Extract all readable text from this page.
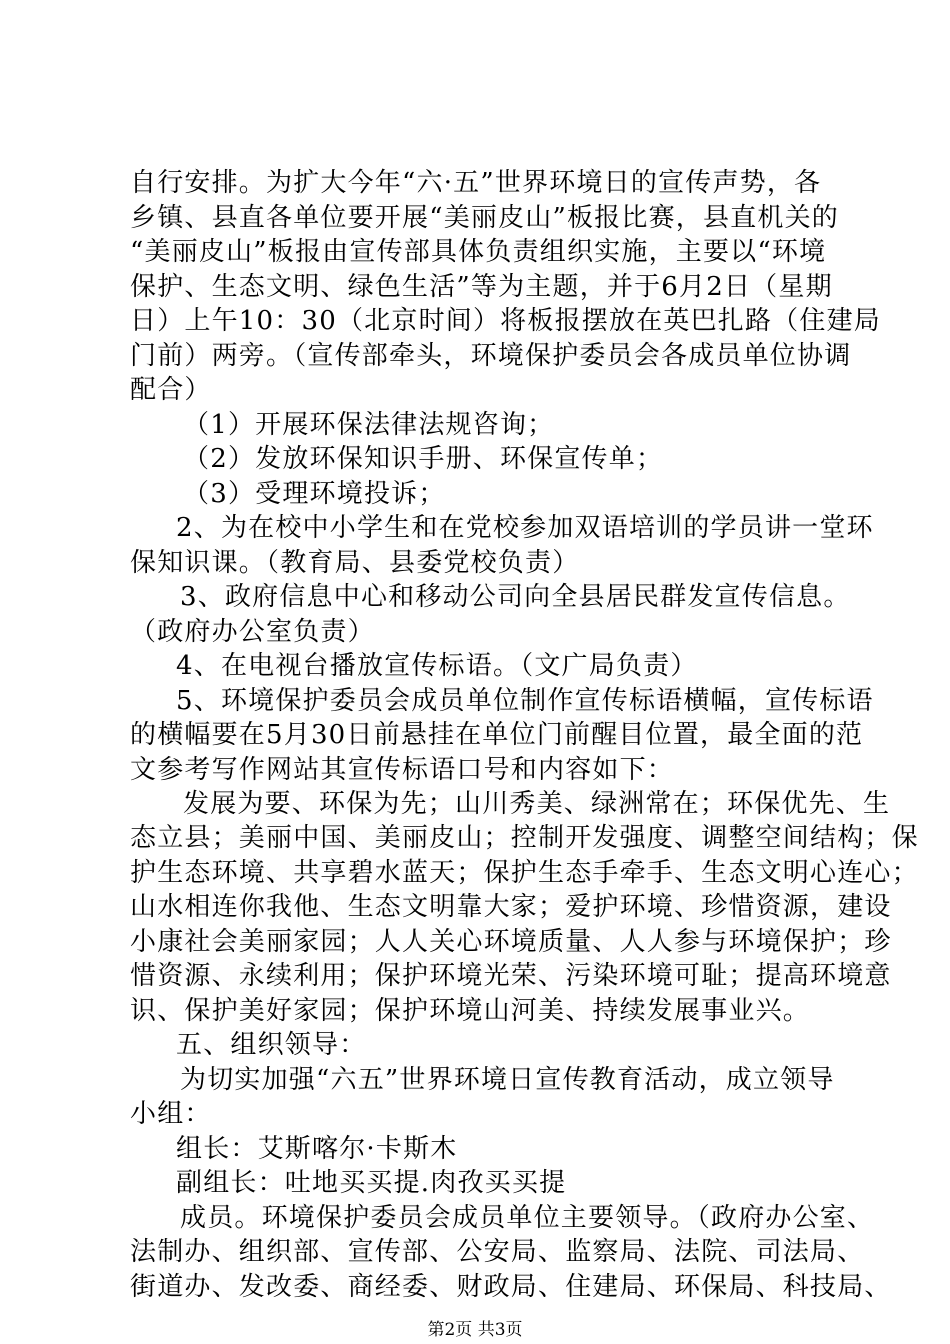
自行安排。为扩大今年“六·五”世界环境日的宣传声势，各
乡镇、县直各单位要开展“美丽皮山”板报比赛，县直机关的
“美丽皮山”板报由宣传部具体负责组织实施，主要以“环境
保护、生态文明、绿色生活”等为主题，并于6月2日（星期
日）上午10：30（北京时间）将板报摆放在英巴扎路（住建局
门前）两旁。（宣传部牵头，环境保护委员会各成员单位协调
配合）
（1）开展环保法律法规咨询；
（2）发放环保知识手册、环保宣传单；
（3）受理环境投诉；
2、为在校中小学生和在党校参加双语培训的学员讲一堂环
保知识课。（教育局、县委党校负责）
3、政府信息中心和移动公司向全县居民群发宣传信息。
（政府办公室负责）
4、在电视台播放宣传标语。（文广局负责）
5、环境保护委员会成员单位制作宣传标语横幅，宣传标语
的横幅要在5月30日前悬挂在单位门前醒目位置，最全面的范
文参考写作网站其宣传标语口号和内容如下：
发展为要、环保为先；山川秀美、绿洲常在；环保优先、生
态立县；美丽中国、美丽皮山；控制开发强度、调整空间结构；保
护生态环境、共享碧水蓝天；保护生态手牵手、生态文明心连心；
山水相连你我他、生态文明靠大家；爱护环境、珍惜资源，建设
小康社会美丽家园；人人关心环境质量、人人参与环境保护；珍
惜资源、永续利用；保护环境光荣、污染环境可耻；提高环境意
识、保护美好家园；保护环境山河美、持续发展事业兴。
五、组织领导：
为切实加强“六五”世界环境日宣传教育活动，成立领导
小组：
组长：艾斯喀尔·卡斯木
副组长：吐地买买提.肉孜买买提
成员。环境保护委员会成员单位主要领导。（政府办公室、
法制办、组织部、宣传部、公安局、监察局、法院、司法局、
街道办、发改委、商经委、财政局、住建局、环保局、科技局、
第2页 共3页
